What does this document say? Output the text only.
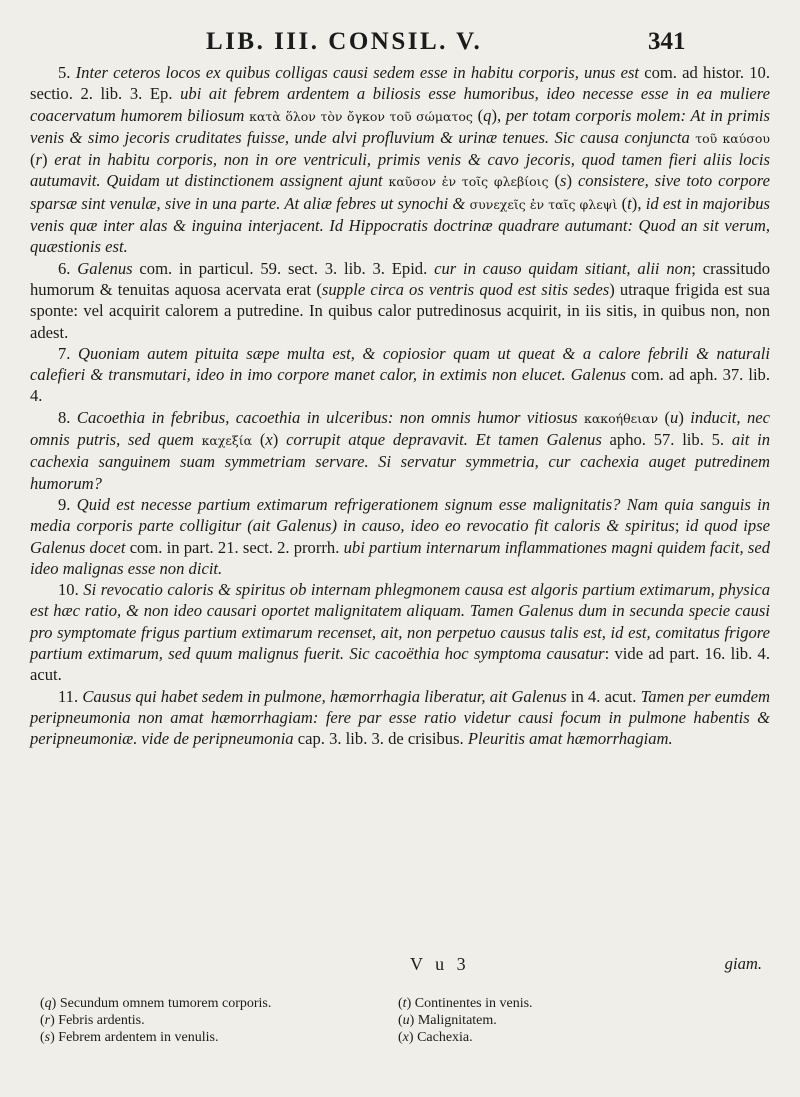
LIB. III. CONSIL. V.	341

5. Inter ceteros locos ex quibus colligas causi sedem esse in habitu corporis, unus est com. ad histor. 10. sectio. 2. lib. 3. Ep. ubi ait febrem ardentem a biliosis esse humoribus, ideo necesse esse in ea muliere coacervatum humorem biliosum κατὰ ὅλον τὸν ὄγκον τοῦ σώματος (q), per totam corporis molem: At in primis venis & simo jecoris cruditates fuisse, unde alvi profluvium & urinæ tenues. Sic causa conjuncta τοῦ καύσου (r) erat in habitu corporis, non in ore ventriculi, primis venis & cavo jecoris, quod tamen fieri aliis locis autumavit. Quidam ut distinctionem assignent ajunt καῦσον ἐν τοῖς φλεβίοις (s) consistere, sive toto corpore sparsæ sint venulæ, sive in una parte. At aliæ febres ut synochi & συνεχεῖς ἐν ταῖς φλεψὶ (t), id est in majoribus venis quæ inter alas & inguina interjacent. Id Hippocratis doctrinæ quadrare autumant: Quod an sit verum, quæstionis est.

6. Galenus com. in particul. 59. sect. 3. lib. 3. Epid. cur in causo quidam sitiant, alii non; crassitudo humorum & tenuitas aquosa acervata erat (supple circa os ventris quod est sitis sedes) utraque frigida est sua sponte: vel acquirit calorem a putredine. In quibus calor putredinosus acquirit, in iis sitis, in quibus non, non adest.

7. Quoniam autem pituita sæpe multa est, & copiosior quam ut queat & a calore febrili & naturali calefieri & transmutari, ideo in imo corpore manet calor, in extimis non elucet. Galenus com. ad aph. 37. lib. 4.

8. Cacoethia in febribus, cacoethia in ulceribus: non omnis humor vitiosus κακοήθειαν (u) inducit, nec omnis putris, sed quem καχεξία (x) corrupit atque depravavit. Et tamen Galenus apho. 57. lib. 5. ait in cachexia sanguinem suam symmetriam servare. Si servatur symmetria, cur cachexia auget putredinem humorum?

9. Quid est necesse partium extimarum refrigerationem signum esse malignitatis? Nam quia sanguis in media corporis parte colligitur (ait Galenus) in causo, ideo eo revocatio fit caloris & spiritus; id quod ipse Galenus docet com. in part. 21. sect. 2. prorrh. ubi partium internarum inflammationes magni quidem facit, sed ideo malignas esse non dicit.

10. Si revocatio caloris & spiritus ob internam phlegmonem causa est algoris partium extimarum, physica est hæc ratio, & non ideo causari oportet malignitatem aliquam. Tamen Galenus dum in secunda specie causi pro symptomate frigus partium extimarum recenset, ait, non perpetuo causus talis est, id est, comitatus frigore partium extimarum, sed quum malignus fuerit. Sic cacoëthia hoc symptoma causatur: vide ad part. 16. lib. 4. acut.

11. Causus qui habet sedem in pulmone, hæmorrhagia liberatur, ait Galenus in 4. acut. Tamen per eumdem peripneumonia non amat hæmorrhagiam: fere par esse ratio videtur causi focum in pulmone habentis & peripneumoniæ. vide de peripneumonia cap. 3. lib. 3. de crisibus. Pleuritis amat hæmorrhagiam.

V u 3	giam.
(q) Secundum omnem tumorem corporis.
(r) Febris ardentis.
(s) Febrem ardentem in venulis.
(t) Continentes in venis.
(u) Malignitatem.
(x) Cachexia.
